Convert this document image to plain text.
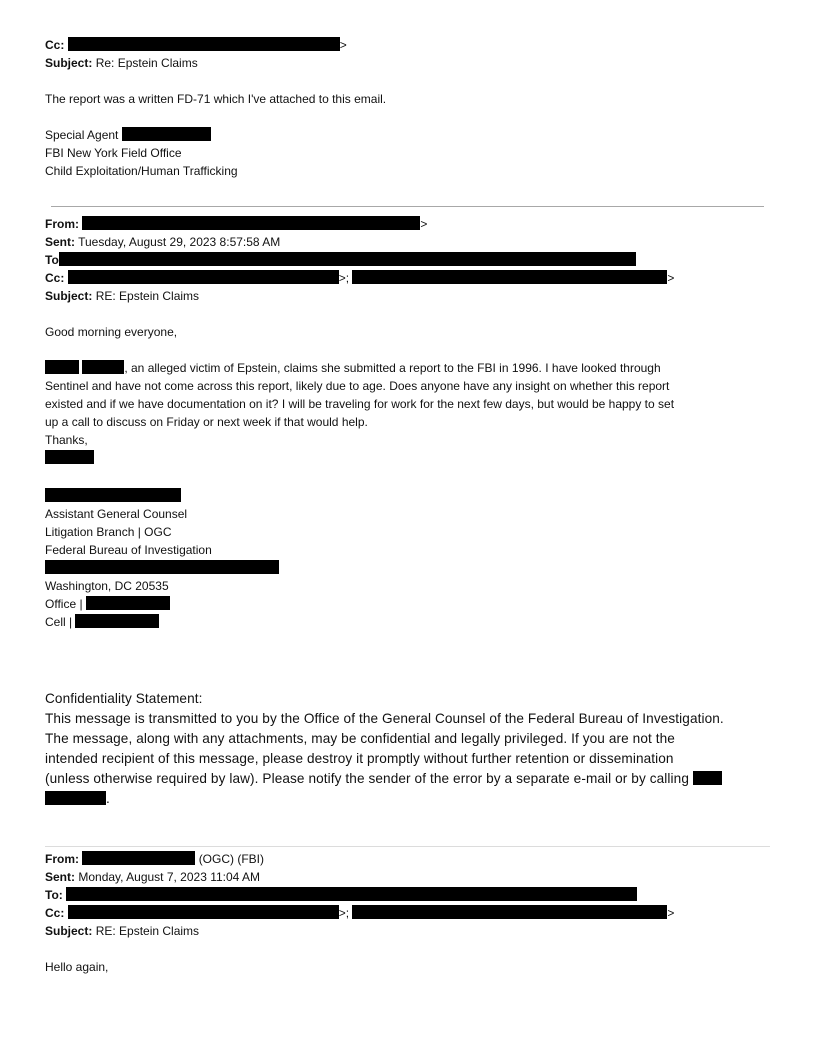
Cc:	>
Subject: Re: Epstein Claims
The report was a written FD-71 which I've attached to this email.
Special Agent
FBI New York Field Office
Child Exploitation/Human Trafficking
From:	>
Sent: Tuesday, August 29, 2023 8:57:58 AM
To
Cc:	>;	>
Subject: RE: Epstein Claims
Good morning everyone,
, an alleged victim of Epstein, claims she submitted a report to the FBI in 1996. I have looked through
Sentinel and have not come across this report, likely due to age. Does anyone have any insight on whether this report
existed and if we have documentation on it? I will be traveling for work for the next few days, but would be happy to set
up a call to discuss on Friday or next week if that would help.
Thanks,
Assistant General Counsel
Litigation Branch | OGC
Federal Bureau of Investigation
Washington, DC 20535
Office |
Cell |
Confidentiality Statement:
This message is transmitted to you by the Office of the General Counsel of the Federal Bureau of Investigation.
The message, along with any attachments, may be confidential and legally privileged. If you are not the
intended recipient of this message, please destroy it promptly without further retention or dissemination
(unless otherwise required by law). Please notify the sender of the error by a separate e-mail or by calling
.
From:	(OGC) (FBI)
Sent: Monday, August 7, 2023 11:04 AM
To:
Cc:	>;	>
Subject: RE: Epstein Claims
Hello again,
